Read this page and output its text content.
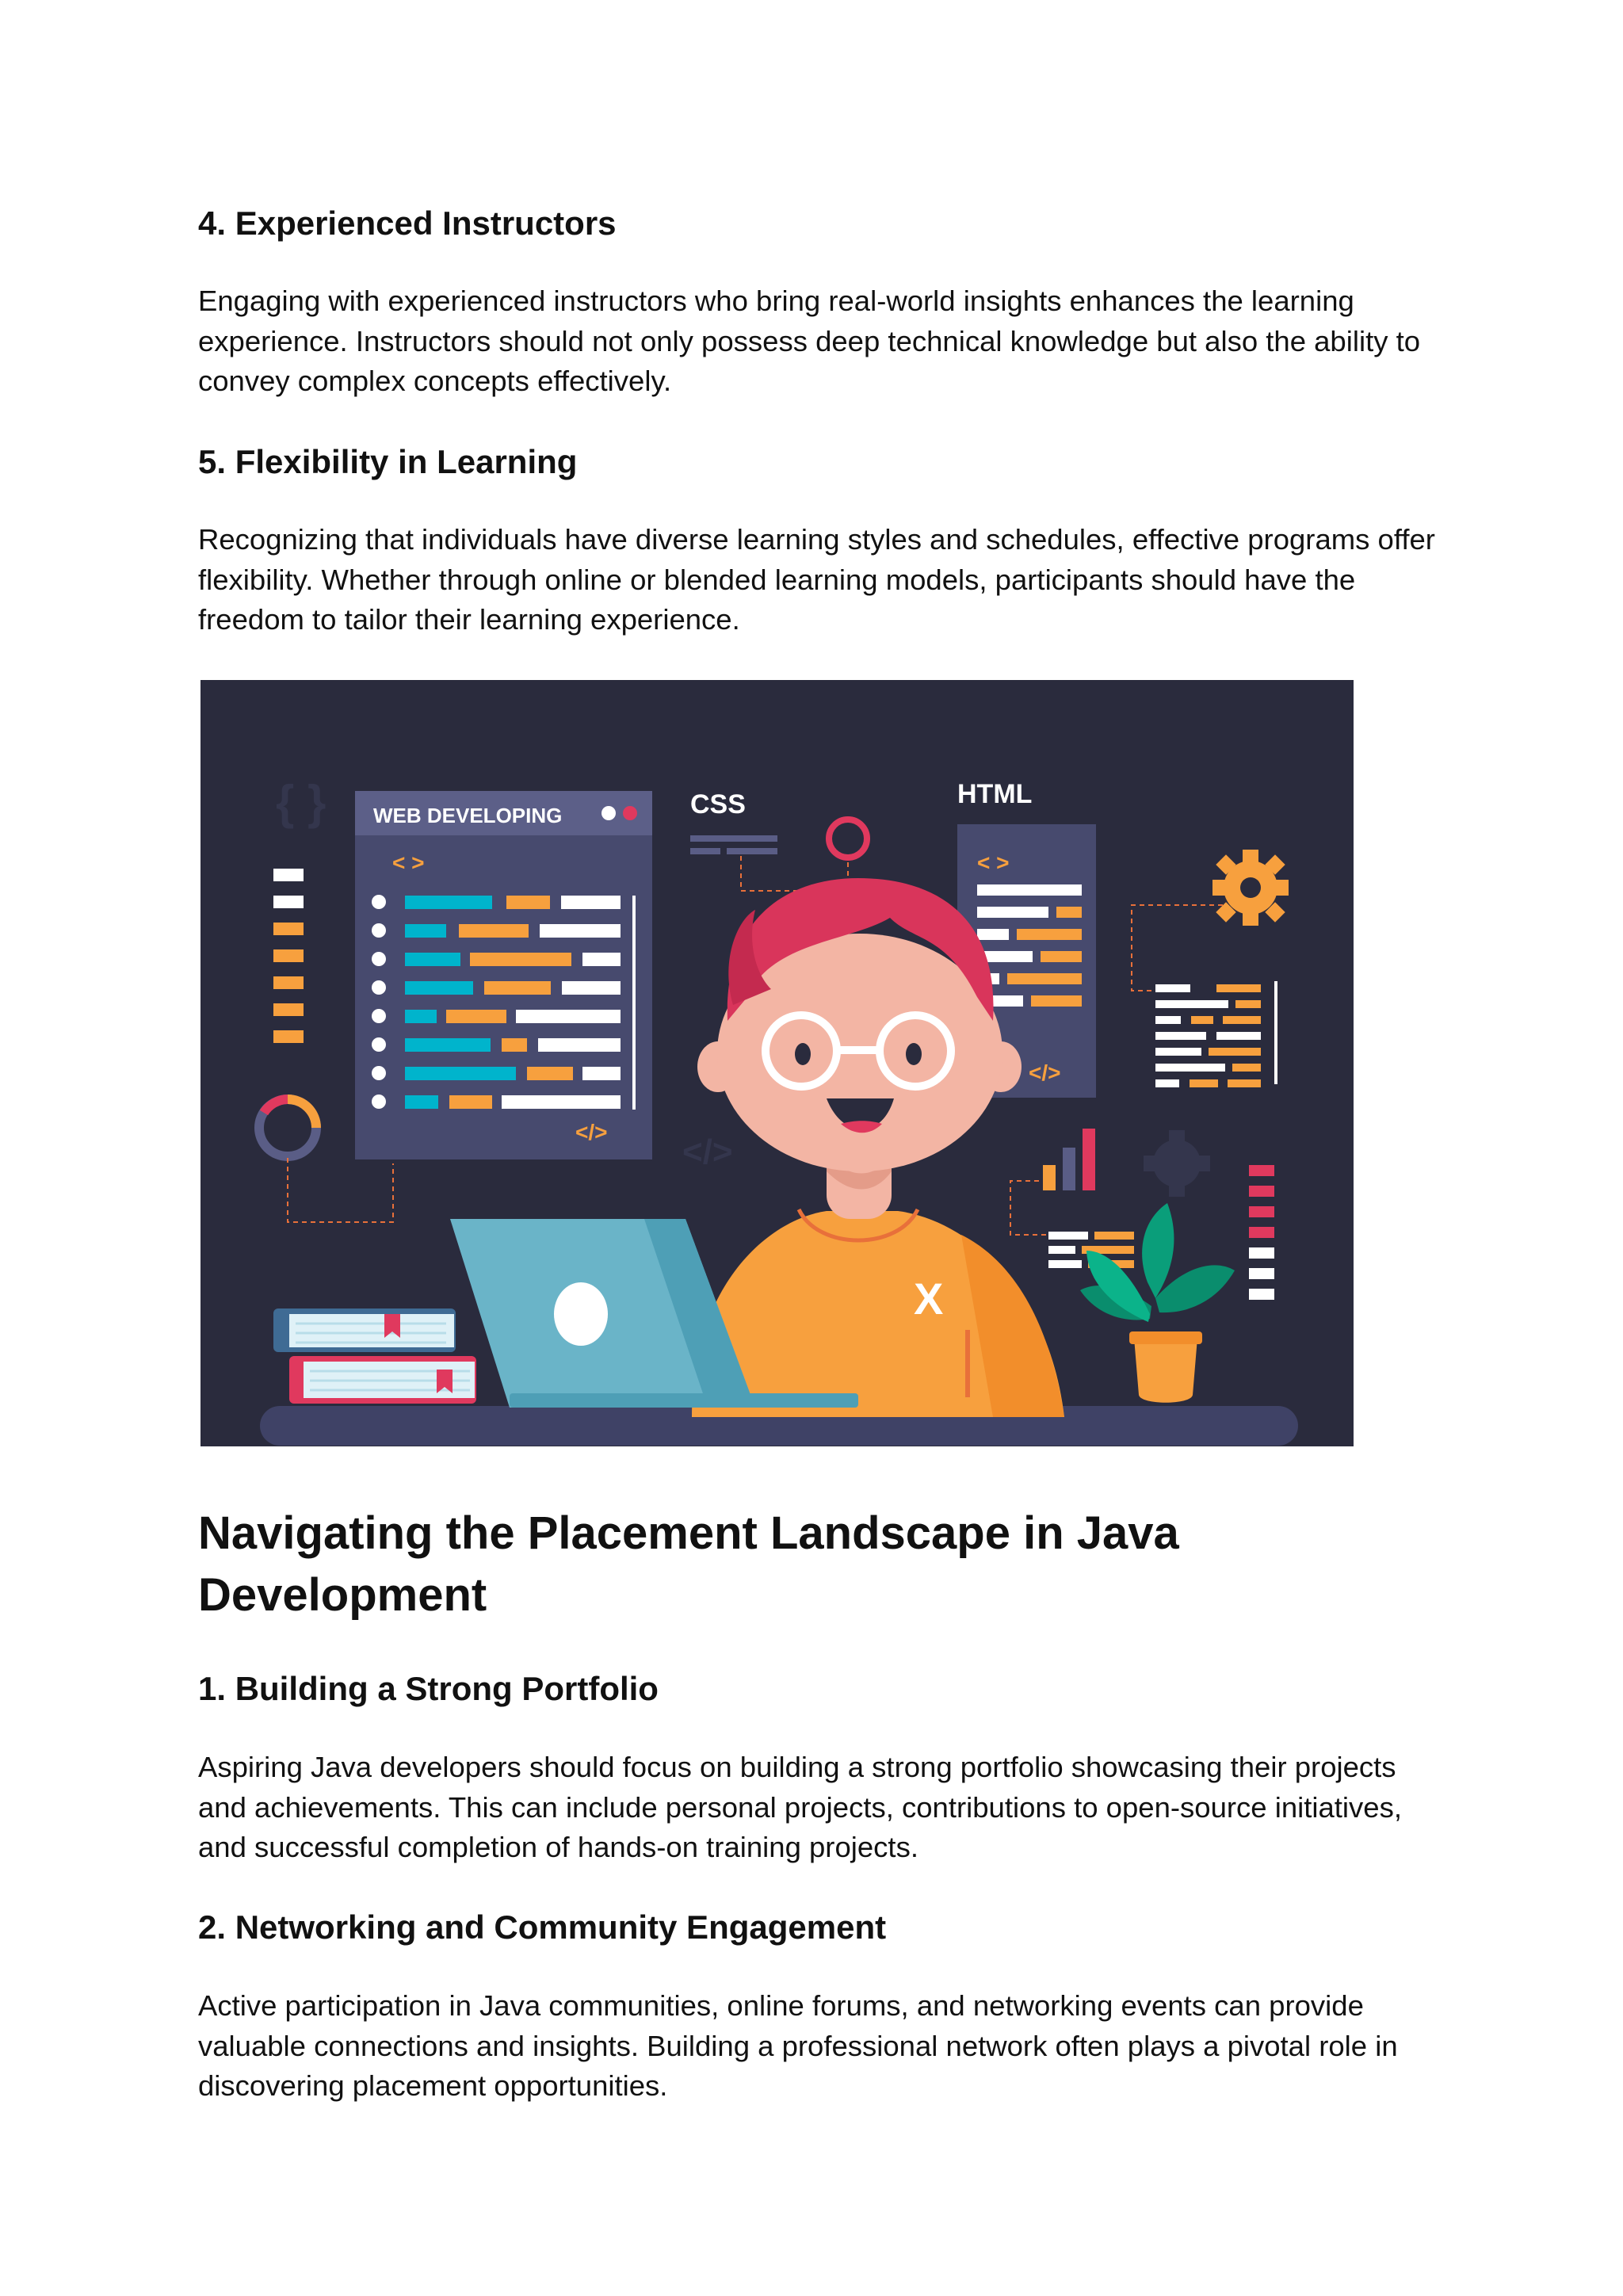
4. Experienced Instructors

Engaging with experienced instructors who bring real-world insights enhances the learning experience. Instructors should not only possess deep technical knowledge but also the ability to convey complex concepts effectively.

5. Flexibility in Learning

Recognizing that individuals have diverse learning styles and schedules, effective programs offer flexibility. Whether through online or blended learning models, participants should have the freedom to tailor their learning experience.

Navigating the Placement Landscape in Java Development
1. Building a Strong Portfolio

Aspiring Java developers should focus on building a strong portfolio showcasing their projects and achievements. This can include personal projects, contributions to open-source initiatives, and successful completion of hands-on training projects.

2. Networking and Community Engagement

Active participation in Java communities, online forums, and networking events can provide valuable connections and insights. Building a professional network often plays a pivotal role in discovering placement opportunities.

{ }
< >
</>
WEB DEVELOPING
</>
CSS	HTML
< >
</>
X
